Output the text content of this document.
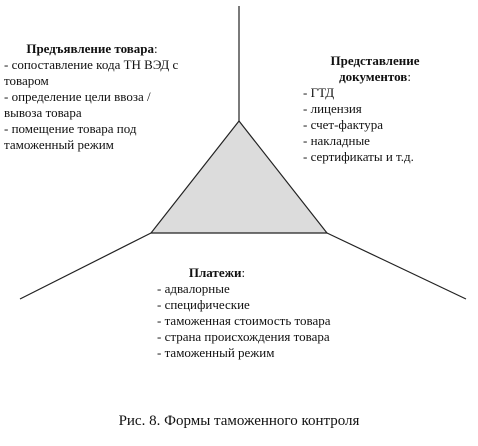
Предъявление товара:
- сопоставление кода ТН ВЭД с товаром
- определение цели ввоза / вывоза товара
- помещение товара под таможенный режим
Представление
документов:
- ГТД
- лицензия
- счет-фактура
- накладные
- сертификаты и т.д.
Платежи:
- адвалорные
- специфические
- таможенная стоимость товара
- страна происхождения товара
- таможенный режим
Рис. 8. Формы таможенного контроля
